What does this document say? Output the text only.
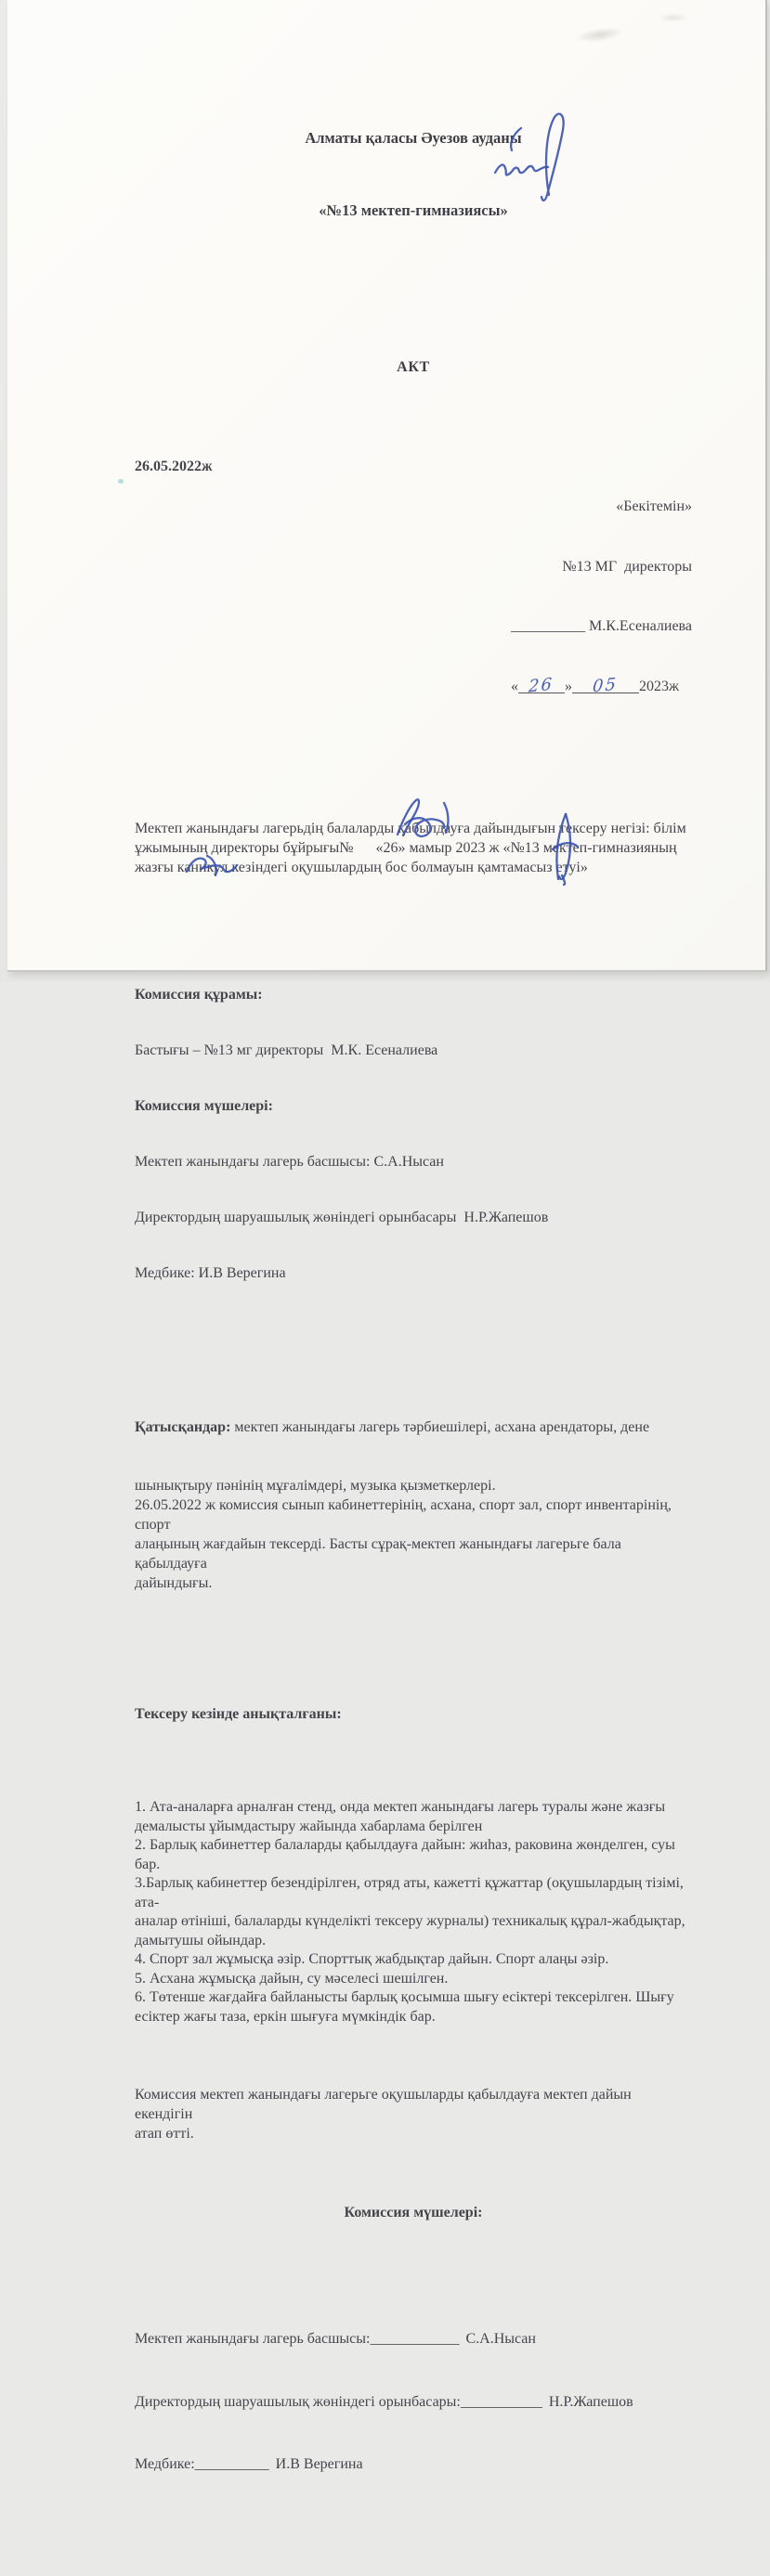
Алматы қаласы Әуезов ауданы

«№13 мектеп-гимназиясы»

АКТ

26.05.2022ж

«Бекітемін»

№13 МГ  директоры

__________ М.К.Есеналиева

« 26 » 05 2023ж

Мектеп жанындағы лагерьдің балаларды қабылдауға дайындығын тексеру негізі: білім
ұжымының директоры бұйрығы№      «26» мамыр 2023 ж «№13 мектеп-гимназияның
жазғы каникул кезіндегі оқушылардың бос болмауын қамтамасыз етуі»

Комиссия құрамы:

Бастығы – №13 мг директоры  М.К. Есеналиева

Комиссия мүшелері:

Мектеп жанындағы лагерь басшысы: С.А.Нысан

Директордың шаруашылық жөніндегі орынбасары  Н.Р.Жапешов

Медбике: И.В Верегина

Қатысқандар: мектеп жанындағы лагерь тәрбиешілері, асхана арендаторы, дене

шынықтыру пәнінің мұғалімдері, музыка қызметкерлері.
26.05.2022 ж комиссия сынып кабинеттерінің, асхана, спорт зал, спорт инвентарінің, спорт
алаңының жағдайын тексерді. Басты сұрақ-мектеп жанындағы лагерьге бала қабылдауға
дайындығы.

Тексеру кезінде анықталғаны:

1. Ата-аналарға арналған стенд, онда мектеп жанындағы лагерь туралы және жазғы
демалысты ұйымдастыру жайында хабарлама берілген
2. Барлық кабинеттер балаларды қабылдауға дайын: жиһаз, раковина жөнделген, суы бар.
3.Барлық кабинеттер безендірілген, отряд аты, кажетті құжаттар (оқушылардың тізімі, ата-
аналар өтініші, балаларды күнделікті тексеру журналы) техникалық құрал-жабдықтар,
дамытушы ойындар.
4. Спорт зал жұмысқа әзір. Спорттық жабдықтар дайын. Спорт алаңы әзір.
5. Асхана жұмысқа дайын, су мәселесі шешілген.
6. Төтенше жағдайға байланысты барлық қосымша шығу есіктері тексерілген. Шығу
есіктер жағы таза, еркін шығуға мүмкіндік бар.

Комиссия мектеп жанындағы лагерьге оқушыларды қабылдауға мектеп дайын екендігін
атап өтті.

Комиссия мүшелері:

Мектеп жанындағы лагерь басшысы:____________ С.А.Нысан

Директордың шаруашылық жөніндегі орынбасары:___________ Н.Р.Жапешов

Медбике:__________ И.В Верегина
